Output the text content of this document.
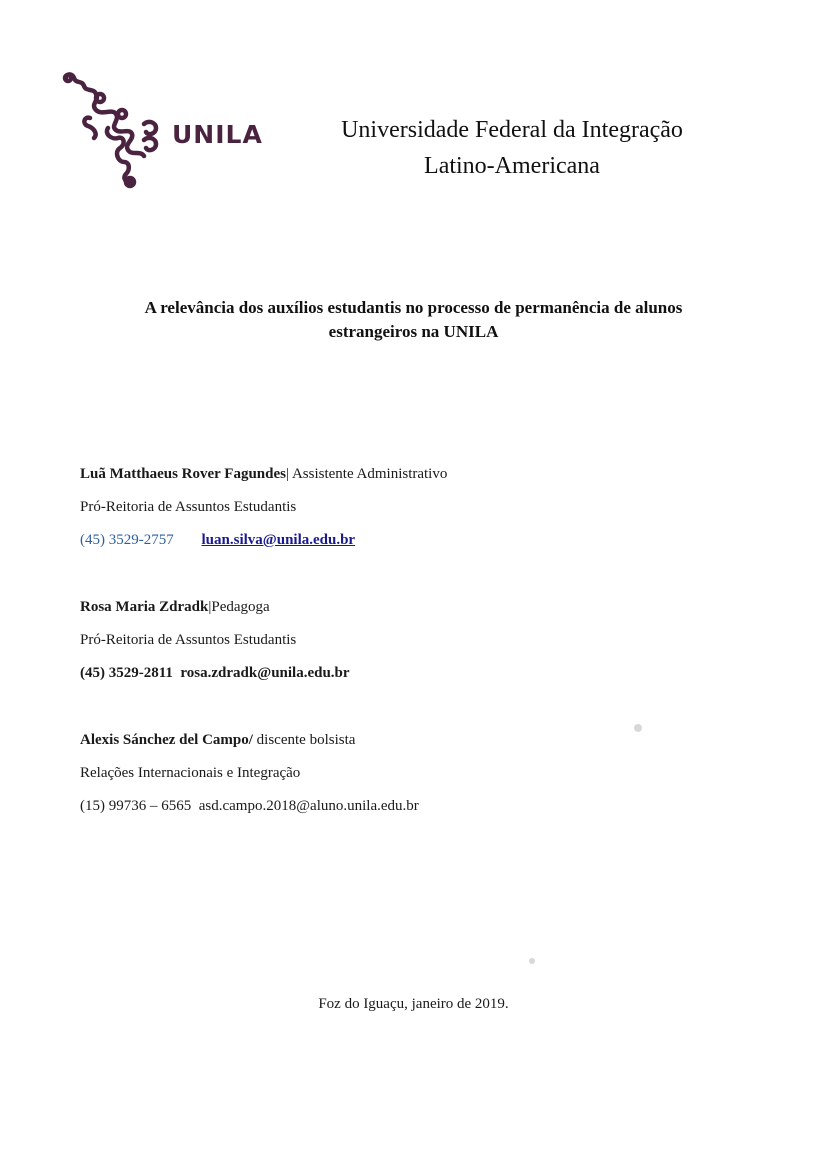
UNILA	Universidade Federal da Integração
Latino-Americana
A relevância dos auxílios estudantis no processo de permanência de alunos
estrangeiros na UNILA
Luã Matthaeus Rover Fagundes| Assistente Administrativo
Pró-Reitoria de Assuntos Estudantis
(45) 3529-2757 luan.silva@unila.edu.br
Rosa Maria Zdradk|Pedagoga
Pró-Reitoria de Assuntos Estudantis
(45) 3529-2811 rosa.zdradk@unila.edu.br
Alexis Sánchez del Campo/ discente bolsista
Relações Internacionais e Integração
(15) 99736 – 6565 asd.campo.2018@aluno.unila.edu.br
Foz do Iguaçu, janeiro de 2019.
